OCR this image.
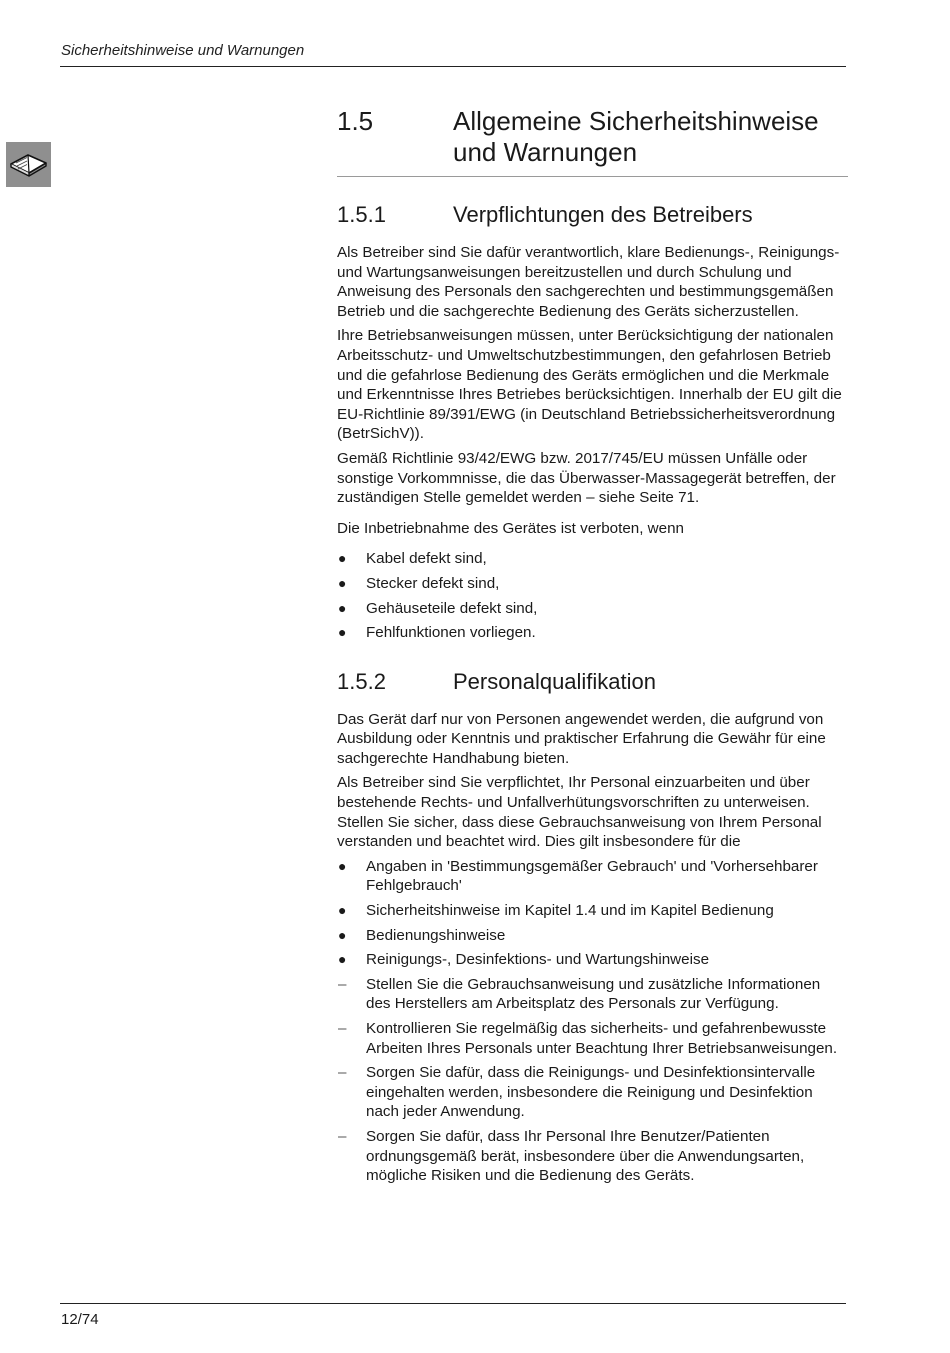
Sicherheitshinweise und Warnungen
1.5	Allgemeine Sicherheitshinweise und Warnungen
1.5.1	Verpflichtungen des Betreibers

Als Betreiber sind Sie dafür verantwortlich, klare Bedienungs-, Reinigungs- und Wartungsanweisungen bereitzustellen und durch Schulung und Anweisung des Personals den sachgerechten und bestimmungsgemäßen Betrieb und die sachgerechte Bedienung des Geräts sicherzustellen.

Ihre Betriebsanweisungen müssen, unter Berücksichtigung der nationalen Arbeitsschutz- und Umweltschutzbestimmungen, den gefahrlosen Betrieb und die gefahrlose Bedienung des Geräts ermöglichen und die Merkmale und Erkenntnisse Ihres Betriebes berücksichtigen. Innerhalb der EU gilt die

EU-Richtlinie 89/391/EWG (in Deutschland Betriebssicherheitsverordnung (BetrSichV)).

Gemäß Richtlinie 93/42/EWG bzw. 2017/745/EU müssen Unfälle oder sonstige Vorkommnisse, die das Überwasser-Massagegerät betreffen, der zuständigen Stelle gemeldet werden – siehe Seite 71.

Die Inbetriebnahme des Gerätes ist verboten, wenn

● Kabel defekt sind,
● Stecker defekt sind,
● Gehäuseteile defekt sind,
● Fehlfunktionen vorliegen.
1.5.2	Personalqualifikation

Das Gerät darf nur von Personen angewendet werden, die aufgrund von Ausbildung oder Kenntnis und praktischer Erfahrung die Gewähr für eine sachgerechte Handhabung bieten.

Als Betreiber sind Sie verpflichtet, Ihr Personal einzuarbeiten und über bestehende Rechts- und Unfallverhütungsvorschriften zu unterweisen. Stellen Sie sicher, dass diese Gebrauchsanweisung von Ihrem Personal verstanden und beachtet wird. Dies gilt insbesondere für die

● Angaben in 'Bestimmungsgemäßer Gebrauch' und 'Vorhersehbarer Fehlgebrauch'
● Sicherheitshinweise im Kapitel 1.4 und im Kapitel Bedienung
● Bedienungshinweise
● Reinigungs-, Desinfektions- und Wartungshinweise
– Stellen Sie die Gebrauchsanweisung und zusätzliche Informationen des Herstellers am Arbeitsplatz des Personals zur Verfügung.
– Kontrollieren Sie regelmäßig das sicherheits- und gefahrenbewusste Arbeiten Ihres Personals unter Beachtung Ihrer Betriebsanweisungen.
– Sorgen Sie dafür, dass die Reinigungs- und Desinfektionsintervalle eingehalten werden, insbesondere die Reinigung und Desinfektion nach jeder Anwendung.
– Sorgen Sie dafür, dass Ihr Personal Ihre Benutzer/Patienten ordnungsgemäß berät, insbesondere über die Anwendungsarten, mögliche Risiken und die Bedienung des Geräts.
12/74
